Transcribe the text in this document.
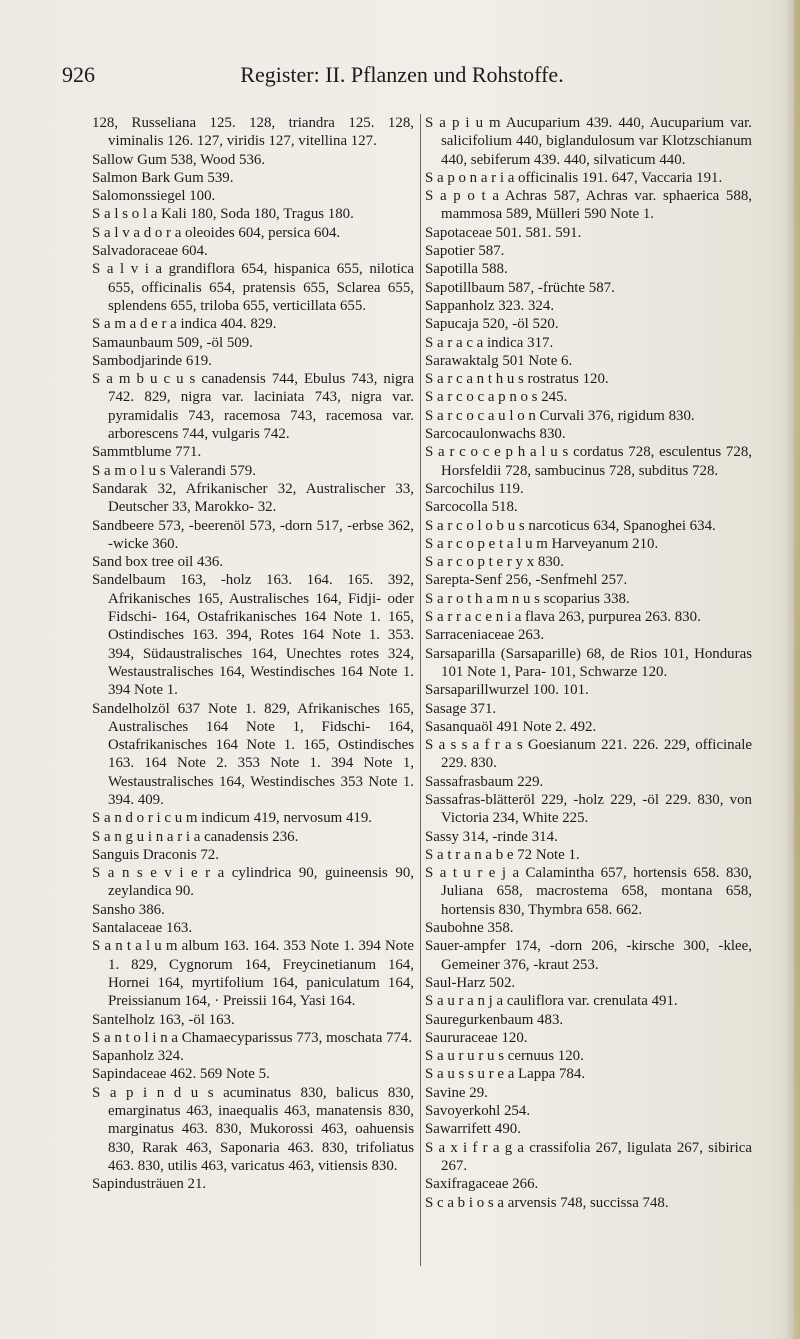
926	Register: II. Pflanzen und Rohstoffe.
128, Russeliana 125. 128, triandra 125. 128, viminalis 126. 127, viridis 127, vitellina 127.
Sallow Gum 538, Wood 536.
Salmon Bark Gum 539.
Salomonssiegel 100.
S a l s o l a Kali 180, Soda 180, Tragus 180.
S a l v a d o r a oleoides 604, persica 604.
Salvadoraceae 604.
S a l v i a grandiflora 654, hispanica 655, nilotica 655, officinalis 654, pratensis 655, Sclarea 655, splendens 655, triloba 655, verticillata 655.
S a m a d e r a indica 404. 829.
Samaunbaum 509, -öl 509.
Sambodjarinde 619.
S a m b u c u s canadensis 744, Ebulus 743, nigra 742. 829, nigra var. laciniata 743, nigra var. pyramidalis 743, racemosa 743, racemosa var. arborescens 744, vulgaris 742.
Sammtblume 771.
S a m o l u s Valerandi 579.
Sandarak 32, Afrikanischer 32, Australischer 33, Deutscher 33, Marokko- 32.
Sandbeere 573, -beerenöl 573, -dorn 517, -erbse 362, -wicke 360.
Sand box tree oil 436.
Sandelbaum 163, -holz 163. 164. 165. 392, Afrikanisches 165, Australisches 164, Fidji- oder Fidschi- 164, Ostafrikanisches 164 Note 1. 165, Ostindisches 163. 394, Rotes 164 Note 1. 353. 394, Südaustralisches 164, Unechtes rotes 324, Westaustralisches 164, Westindisches 164 Note 1. 394 Note 1.
Sandelholzöl 637 Note 1. 829, Afrikanisches 165, Australisches 164 Note 1, Fidschi- 164, Ostafrikanisches 164 Note 1. 165, Ostindisches 163. 164 Note 2. 353 Note 1. 394 Note 1, Westaustralisches 164, Westindisches 353 Note 1. 394. 409.
S a n d o r i c u m indicum 419, nervosum 419.
S a n g u i n a r i a canadensis 236.
Sanguis Draconis 72.
S a n s e v i e r a cylindrica 90, guineensis 90, zeylandica 90.
Sansho 386.
Santalaceae 163.
S a n t a l u m album 163. 164. 353 Note 1. 394 Note 1. 829, Cygnorum 164, Freycinetianum 164, Hornei 164, myrtifolium 164, paniculatum 164, Preissianum 164, · Preissii 164, Yasi 164.
Santelholz 163, -öl 163.
S a n t o l i n a Chamaecyparissus 773, moschata 774.
Sapanholz 324.
Sapindaceae 462. 569 Note 5.
S a p i n d u s acuminatus 830, balicus 830, emarginatus 463, inaequalis 463, manatensis 830, marginatus 463. 830, Mukorossi 463, oahuensis 830, Rarak 463, Saponaria 463. 830, trifoliatus 463. 830, utilis 463, varicatus 463, vitiensis 830.
Sapindusträuen 21.
S a p i u m Aucuparium 439. 440, Aucuparium var. salicifolium 440, biglandulosum var Klotzschianum 440, sebiferum 439. 440, silvaticum 440.
S a p o n a r i a officinalis 191. 647, Vaccaria 191.
S a p o t a Achras 587, Achras var. sphaerica 588, mammosa 589, Mülleri 590 Note 1.
Sapotaceae 501. 581. 591.
Sapotier 587.
Sapotilla 588.
Sapotillbaum 587, -früchte 587.
Sappanholz 323. 324.
Sapucaja 520, -öl 520.
S a r a c a indica 317.
Sarawaktalg 501 Note 6.
S a r c a n t h u s rostratus 120.
S a r c o c a p n o s 245.
S a r c o c a u l o n Curvali 376, rigidum 830.
Sarcocaulonwachs 830.
S a r c o c e p h a l u s cordatus 728, esculentus 728, Horsfeldii 728, sambucinus 728, subditus 728.
Sarcochilus 119.
Sarcocolla 518.
S a r c o l o b u s narcoticus 634, Spanoghei 634.
S a r c o p e t a l u m Harveyanum 210.
S a r c o p t e r y x 830.
Sarepta-Senf 256, -Senfmehl 257.
S a r o t h a m n u s scoparius 338.
S a r r a c e n i a flava 263, purpurea 263. 830.
Sarraceniaceae 263.
Sarsaparilla (Sarsaparille) 68, de Rios 101, Honduras 101 Note 1, Para- 101, Schwarze 120.
Sarsaparillwurzel 100. 101.
Sasage 371.
Sasanquaöl 491 Note 2. 492.
S a s s a f r a s Goesianum 221. 226. 229, officinale 229. 830.
Sassafrasbaum 229.
Sassafras-blätteröl 229, -holz 229, -öl 229. 830, von Victoria 234, White 225.
Sassy 314, -rinde 314.
S a t r a n a b e 72 Note 1.
S a t u r e j a Calamintha 657, hortensis 658. 830, Juliana 658, macrostema 658, montana 658, hortensis 830, Thymbra 658. 662.
Saubohne 358.
Sauer-ampfer 174, -dorn 206, -kirsche 300, -klee, Gemeiner 376, -kraut 253.
Saul-Harz 502.
S a u r a n j a cauliflora var. crenulata 491.
Sauregurkenbaum 483.
Saururaceae 120.
S a u r u r u s cernuus 120.
S a u s s u r e a Lappa 784.
Savine 29.
Savoyerkohl 254.
Sawarrifett 490.
S a x i f r a g a crassifolia 267, ligulata 267, sibirica 267.
Saxifragaceae 266.
S c a b i o s a arvensis 748, succissa 748.
